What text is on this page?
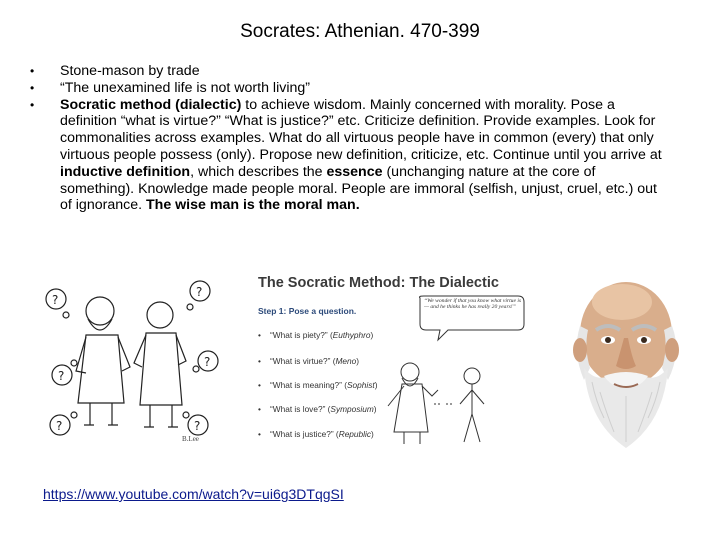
Socrates: Athenian. 470-399
• Stone-mason by trade
• “The unexamined life is not worth living”
• Socratic method (dialectic) to achieve wisdom. Mainly concerned with morality. Pose a definition “what is virtue?” “What is justice?” etc. Criticize definition. Provide examples. Look for commonalities across examples. What do all virtuous people have in common (every) that only virtuous people possess (only). Propose new definition, criticize, etc. Continue until you arrive at inductive definition, which describes the essence (unchanging nature at the core of something). Knowledge made people moral. People are immoral (selfish, unjust, cruel, etc.) out of ignorance. The wise man is the moral man.
?
?
?
?
?
?
B.Lee
The Socratic Method: The Dialectic
Step 1: Pose a question.
• “What is piety?” (Euthyphro)
• “What is virtue?” (Meno)
• “What is meaning?” (Sophist)
• “What is love?” (Symposium)
• “What is justice?” (Republic)
“We wonder if that you know what virtue is — and he thinks he has really 20 years!”
https://www.youtube.com/watch?v=ui6g3DTqgSI
